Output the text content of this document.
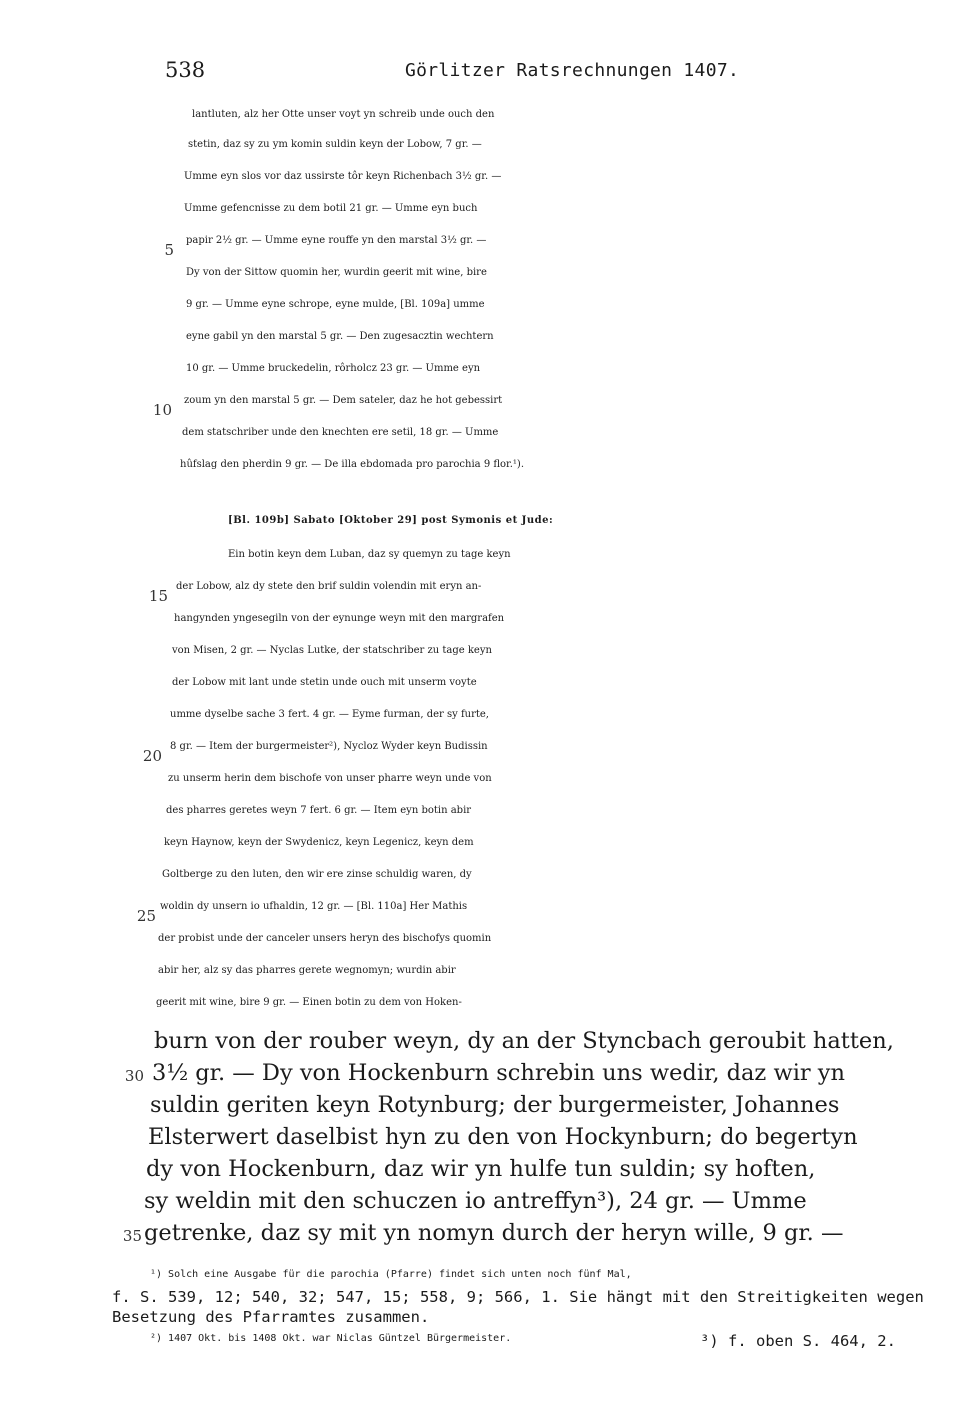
538	Görlitzer Ratsrechnungen 1407.
lantluten, alz her Otte unser voyt yn schreib unde ouch den
stetin, daz sy zu ym komin suldin keyn der Lobow, 7 gr. —
Umme eyn slos vor daz ussirste tôr keyn Richenbach 3½ gr. —
Umme gefencnisse zu dem botil 21 gr. — Umme eyn buch
papir 2½ gr. — Umme eyne rouffe yn den marstal 3½ gr. —
Dy von der Sittow quomin her, wurdin geerit mit wine, bire
9 gr. — Umme eyne schrope, eyne mulde, [Bl. 109a] umme
eyne gabil yn den marstal 5 gr. — Den zugesacztin wechtern
10 gr. — Umme bruckedelin, rôrholcz 23 gr. — Umme eyn
zoum yn den marstal 5 gr. — Dem sateler, daz he hot gebessirt
dem statschriber unde den knechten ere setil, 18 gr. — Umme
hûfslag den pherdin 9 gr. — De illa ebdomada pro parochia 9 flor.¹).
[Bl. 109b] Sabato [Oktober 29] post Symonis et Jude:
Ein botin keyn dem Luban, daz sy quemyn zu tage keyn
der Lobow, alz dy stete den brif suldin volendin mit eryn an-
hangynden yngesegiln von der eynunge weyn mit den margrafen
von Misen, 2 gr. — Nyclas Lutke, der statschriber zu tage keyn
der Lobow mit lant unde stetin unde ouch mit unserm voyte
umme dyselbe sache 3 fert. 4 gr. — Eyme furman, der sy furte,
8 gr. — Item der burgermeister²), Nycloz Wyder keyn Budissin
zu unserm herin dem bischofe von unser pharre weyn unde von
des pharres geretes weyn 7 fert. 6 gr. — Item eyn botin abir
keyn Haynow, keyn der Swydenicz, keyn Legenicz, keyn dem
Goltberge zu den luten, den wir ere zinse schuldig waren, dy
woldin dy unsern io ufhaldin, 12 gr. — [Bl. 110a] Her Mathis
der probist unde der canceler unsers heryn des bischofys quomin
abir her, alz sy das pharres gerete wegnomyn; wurdin abir
geerit mit wine, bire 9 gr. — Einen botin zu dem von Hoken-
burn von der rouber weyn, dy an der Styncbach geroubit hatten,
3½ gr. — Dy von Hockenburn schrebin uns wedir, daz wir yn
suldin geriten keyn Rotynburg; der burgermeister, Johannes
Elsterwert daselbist hyn zu den von Hockynburn; do begertyn
dy von Hockenburn, daz wir yn hulfe tun suldin; sy hoften,
sy weldin mit den schuczen io antreffyn³), 24 gr. — Umme
getrenke, daz sy mit yn nomyn durch der heryn wille, 9 gr. —
5
10
15
20
25
30
35
¹) Solch eine Ausgabe für die parochia (Pfarre) findet sich unten noch fünf Mal,
f. S. 539, 12; 540, 32; 547, 15; 558, 9; 566, 1. Sie hängt mit den Streitigkeiten wegen
Besetzung des Pfarramtes zusammen.
²) 1407 Okt. bis 1408 Okt. war Niclas Güntzel Bürgermeister.	³) f. oben S. 464, 2.
